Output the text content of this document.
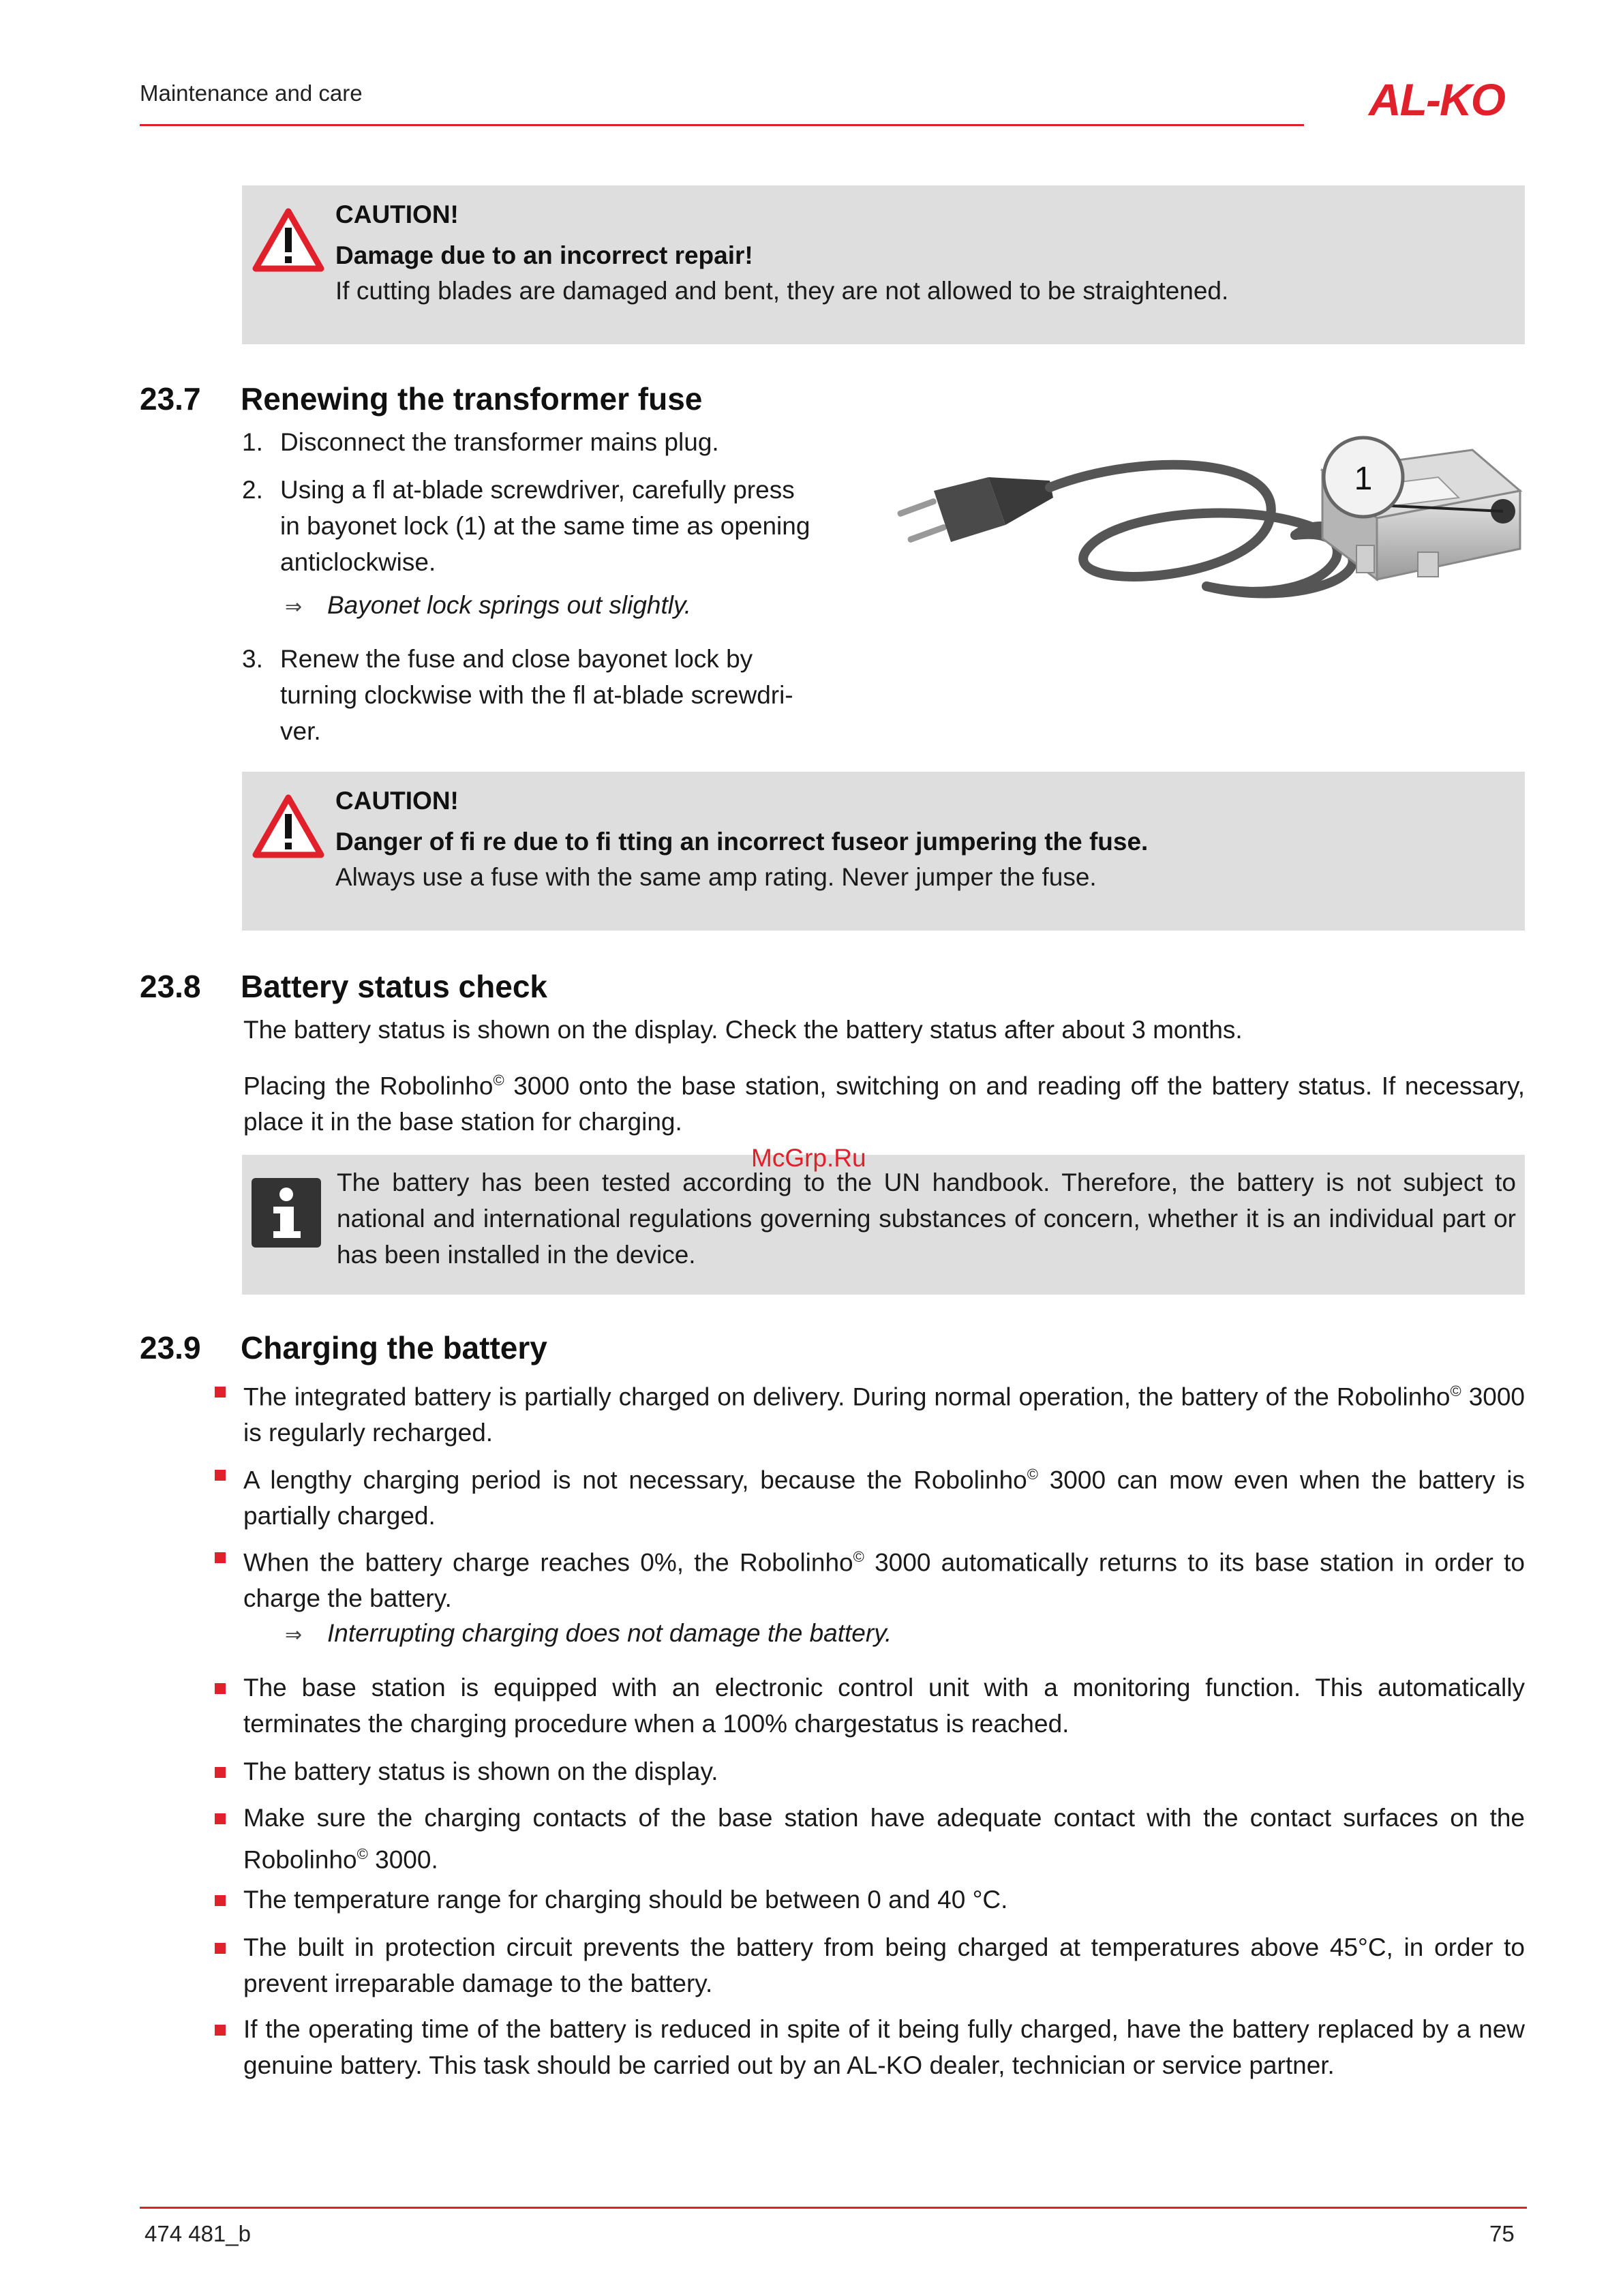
Maintenance and care	AL-KO
CAUTION!
Damage due to an incorrect repair!
If cutting blades are damaged and bent, they are not allowed to be straightened.
23.7 Renewing the transformer fuse
1. Disconnect the transformer mains plug.
2. Using a fl at-blade screwdriver, carefully press
in bayonet lock (1) at the same time as opening
anticlockwise.
⇒ Bayonet lock springs out slightly.
3. Renew the fuse and close bayonet lock by
turning clockwise with the fl at-blade screwdri-
ver.
1
CAUTION!
Danger of fi re due to fi tting an incorrect fuseor jumpering the fuse.
Always use a fuse with the same amp rating. Never jumper the fuse.
23.8 Battery status check
The battery status is shown on the display. Check the battery status after about 3 months.
Placing the Robolinho© 3000 onto the base station, switching on and reading off the battery status. If necessary, place it in the base station for charging.
The battery has been tested according to the UN handbook. Therefore, the battery is not subject to national and international regulations governing substances of concern, whether it is an individual part or has been installed in the device.
McGrp.Ru
23.9 Charging the battery
The integrated battery is partially charged on delivery. During normal operation, the battery of the Robolinho© 3000 is regularly recharged.
A lengthy charging period is not necessary, because the Robolinho© 3000 can mow even when the battery is partially charged.
When the battery charge reaches 0%, the Robolinho© 3000 automatically returns to its base station in order to charge the battery.
⇒ Interrupting charging does not damage the battery.
The base station is equipped with an electronic control unit with a monitoring function. This automatically terminates the charging procedure when a 100% chargestatus is reached.
The battery status is shown on the display.
Make sure the charging contacts of the base station have adequate contact with the contact surfaces on the Robolinho© 3000.
The temperature range for charging should be between 0 and 40 °C.
The built in protection circuit prevents the battery from being charged at temperatures above 45°C, in order to prevent irreparable damage to the battery.
If the operating time of the battery is reduced in spite of it being fully charged, have the battery replaced by a new genuine battery. This task should be carried out by an AL-KO dealer, technician or service partner.
474 481_b	75
